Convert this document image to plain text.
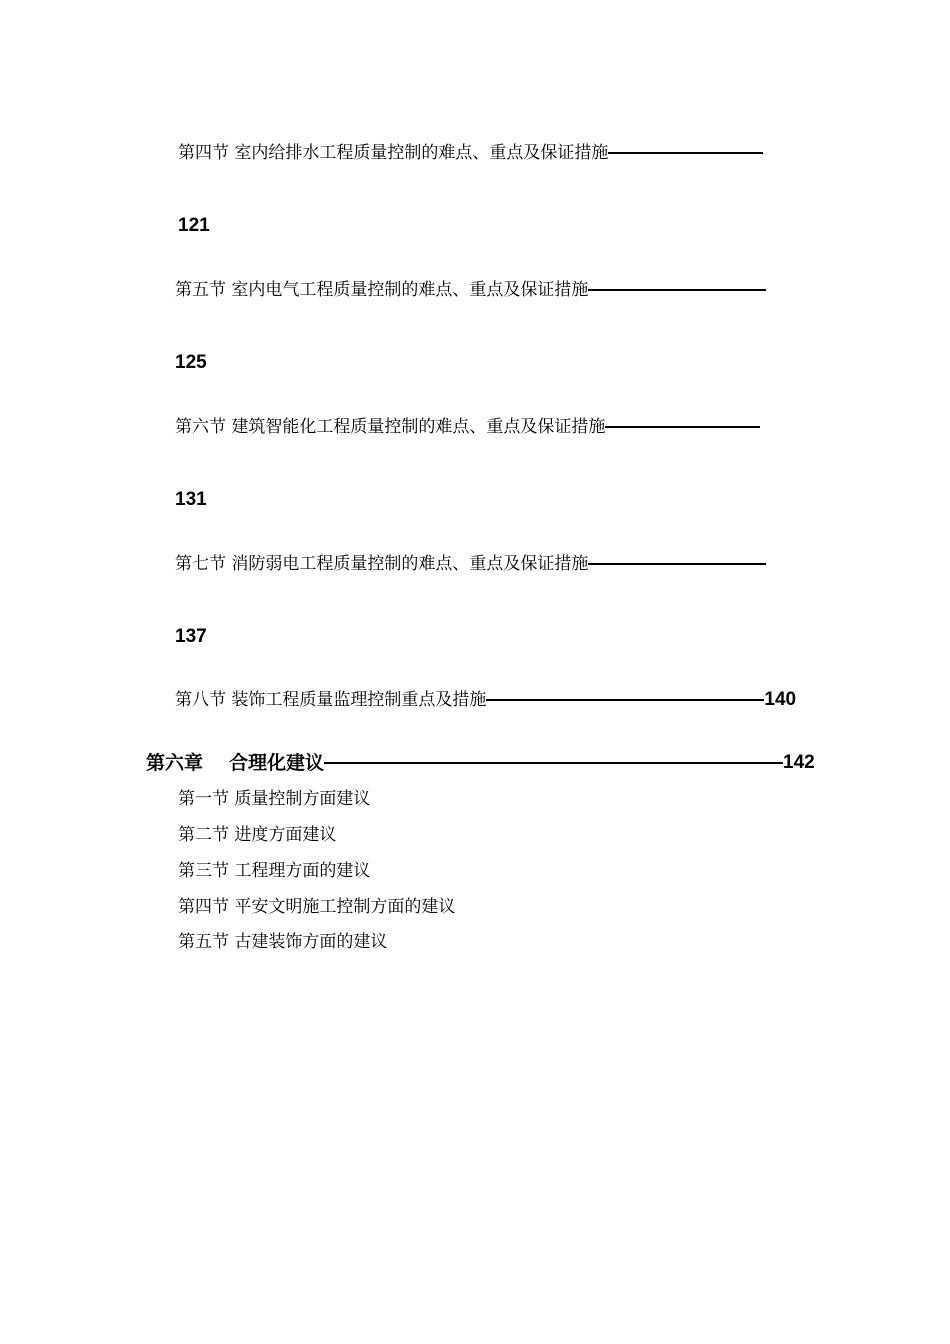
第四节 室内给排水工程质量控制的难点、重点及保证措施
121
第五节 室内电气工程质量控制的难点、重点及保证措施
125
第六节 建筑智能化工程质量控制的难点、重点及保证措施
131
第七节 消防弱电工程质量控制的难点、重点及保证措施
137
第八节 装饰工程质量监理控制重点及措施	140
第六章 合理化建议	142
第一节 质量控制方面建议
第二节 进度方面建议
第三节 工程理方面的建议
第四节 平安文明施工控制方面的建议
第五节 古建装饰方面的建议
